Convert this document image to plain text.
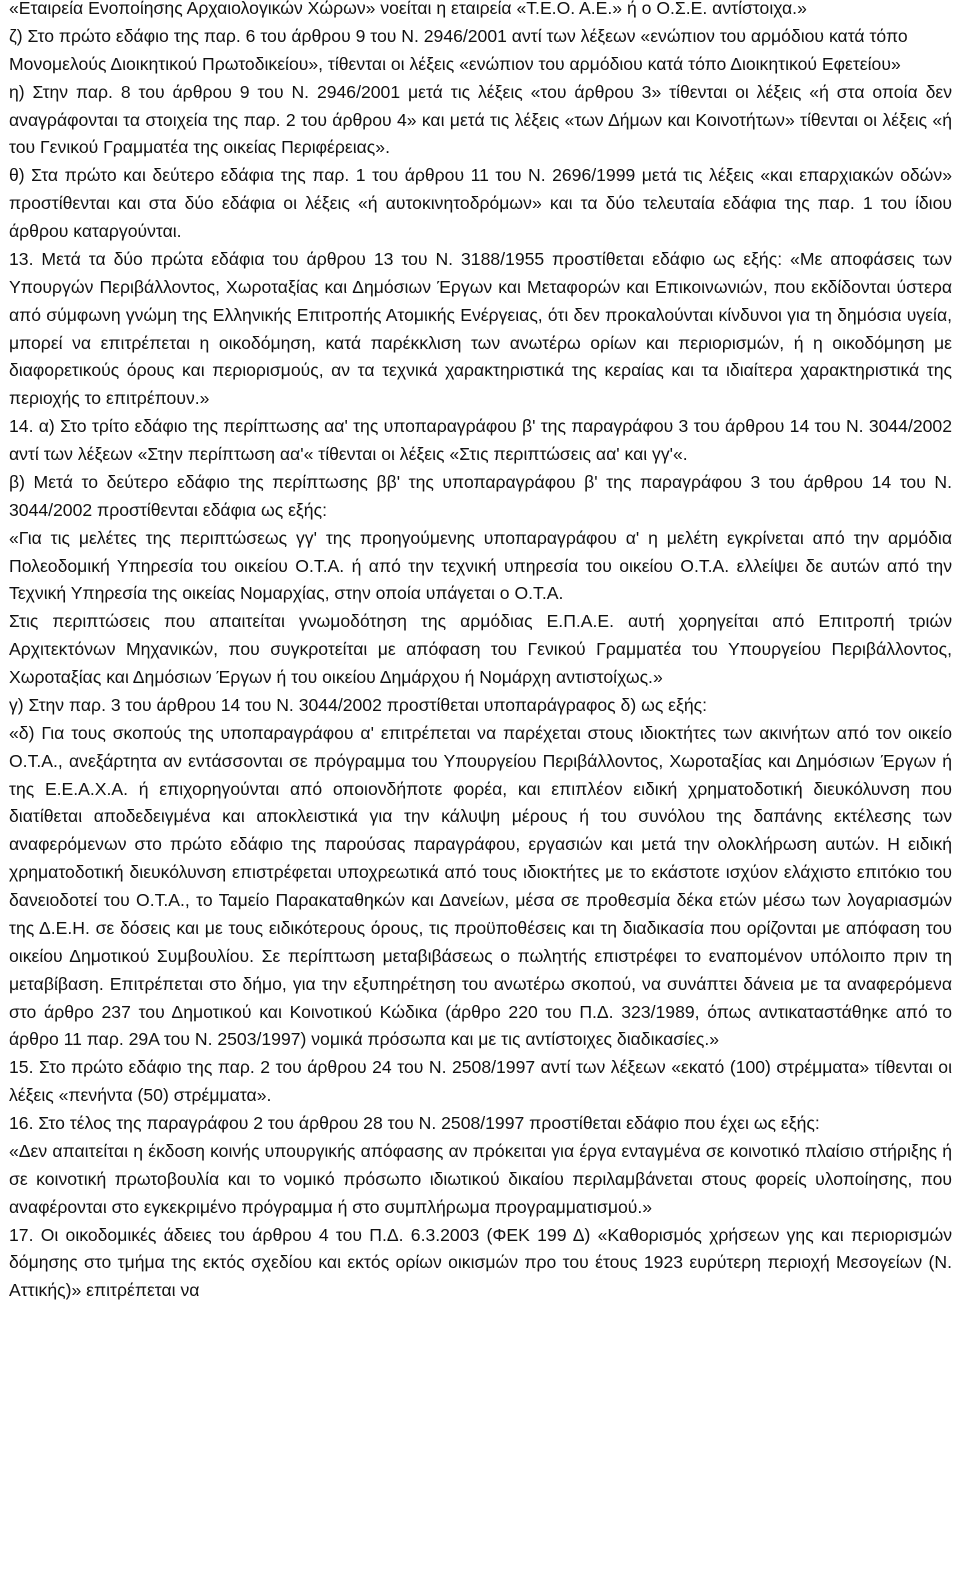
«Εταιρεία Ενοποίησης Αρχαιολογικών Χώρων» νοείται η εταιρεία «Τ.Ε.Ο. Α.Ε.» ή ο Ο.Σ.Ε. αντίστοιχα.»

ζ) Στο πρώτο εδάφιο της παρ. 6 του άρθρου 9 του Ν. 2946/2001 αντί των λέξεων «ενώπιον του αρμόδιου κατά τόπο Μονομελούς Διοικητικού Πρωτοδικείου», τίθενται οι λέξεις «ενώπιον του αρμόδιου κατά τόπο Διοικητικού Εφετείου»

η) Στην παρ. 8 του άρθρου 9 του Ν. 2946/2001 μετά τις λέξεις «του άρθρου 3» τίθενται οι λέξεις «ή στα οποία δεν αναγράφονται τα στοιχεία της παρ. 2 του άρθρου 4» και μετά τις λέξεις «των Δήμων και Κοινοτήτων» τίθενται οι λέξεις «ή του Γενικού Γραμματέα της οικείας Περιφέρειας».

θ) Στα πρώτο και δεύτερο εδάφια της παρ. 1 του άρθρου 11 του Ν. 2696/1999 μετά τις λέξεις «και επαρχιακών οδών» προστίθενται και στα δύο εδάφια οι λέξεις «ή αυτοκινητοδρόμων» και τα δύο τελευταία εδάφια της παρ. 1 του ίδιου άρθρου καταργούνται.

13. Μετά τα δύο πρώτα εδάφια του άρθρου 13 του Ν. 3188/1955 προστίθεται εδάφιο ως εξής: «Με αποφάσεις των Υπουργών Περιβάλλοντος, Χωροταξίας και Δημόσιων Έργων και Μεταφορών και Επικοινωνιών, που εκδίδονται ύστερα από σύμφωνη γνώμη της Ελληνικής Επιτροπής Ατομικής Ενέργειας, ότι δεν προκαλούνται κίνδυνοι για τη δημόσια υγεία, μπορεί να επιτρέπεται η οικοδόμηση, κατά παρέκκλιση των ανωτέρω ορίων και περιορισμών, ή η οικοδόμηση με διαφορετικούς όρους και περιορισμούς, αν τα τεχνικά χαρακτηριστικά της κεραίας και τα ιδιαίτερα χαρακτηριστικά της περιοχής το επιτρέπουν.»

14. α) Στο τρίτο εδάφιο της περίπτωσης αα' της υποπαραγράφου β' της παραγράφου 3 του άρθρου 14 του Ν. 3044/2002 αντί των λέξεων «Στην περίπτωση αα'« τίθενται οι λέξεις «Στις περιπτώσεις αα' και γγ'«.

β) Μετά το δεύτερο εδάφιο της περίπτωσης ββ' της υποπαραγράφου β' της παραγράφου 3 του άρθρου 14 του Ν. 3044/2002 προστίθενται εδάφια ως εξής:

«Για τις μελέτες της περιπτώσεως γγ' της προηγούμενης υποπαραγράφου α' η μελέτη εγκρίνεται από την αρμόδια Πολεοδομική Υπηρεσία του οικείου Ο.Τ.Α. ή από την τεχνική υπηρεσία του οικείου Ο.Τ.Α. ελλείψει δε αυτών από την Τεχνική Υπηρεσία της οικείας Νομαρχίας, στην οποία υπάγεται ο Ο.Τ.Α.

Στις περιπτώσεις που απαιτείται γνωμοδότηση της αρμόδιας Ε.Π.Α.Ε. αυτή χορηγείται από Επιτροπή τριών Αρχιτεκτόνων Μηχανικών, που συγκροτείται με απόφαση του Γενικού Γραμματέα του Υπουργείου Περιβάλλοντος, Χωροταξίας και Δημόσιων Έργων ή του οικείου Δημάρχου ή Νομάρχη αντιστοίχως.»

γ) Στην παρ. 3 του άρθρου 14 του Ν. 3044/2002 προστίθεται υποπαράγραφος δ) ως εξής:

«δ) Για τους σκοπούς της υποπαραγράφου α' επιτρέπεται να παρέχεται στους ιδιοκτήτες των ακινήτων από τον οικείο Ο.Τ.Α., ανεξάρτητα αν εντάσσονται σε πρόγραμμα του Υπουργείου Περιβάλλοντος, Χωροταξίας και Δημόσιων Έργων ή της Ε.Ε.Α.Χ.Α. ή επιχορηγούνται από οποιονδήποτε φορέα, και επιπλέον ειδική χρηματοδοτική διευκόλυνση που διατίθεται αποδεδειγμένα και αποκλειστικά για την κάλυψη μέρους ή του συνόλου της δαπάνης εκτέλεσης των αναφερόμενων στο πρώτο εδάφιο της παρούσας παραγράφου, εργασιών και μετά την ολοκλήρωση αυτών. Η ειδική χρηματοδοτική διευκόλυνση επιστρέφεται υποχρεωτικά από τους ιδιοκτήτες με το εκάστοτε ισχύον ελάχιστο επιτόκιο του δανειοδοτεί του Ο.Τ.Α., το Ταμείο Παρακαταθηκών και Δανείων, μέσα σε προθεσμία δέκα ετών μέσω των λογαριασμών της Δ.Ε.Η. σε δόσεις και με τους ειδικότερους όρους, τις προϋποθέσεις και τη διαδικασία που ορίζονται με απόφαση του οικείου Δημοτικού Συμβουλίου. Σε περίπτωση μεταβιβάσεως ο πωλητής επιστρέφει το εναπομένον υπόλοιπο πριν τη μεταβίβαση. Επιτρέπεται στο δήμο, για την εξυπηρέτηση του ανωτέρω σκοπού, να συνάπτει δάνεια με τα αναφερόμενα στο άρθρο 237 του Δημοτικού και Κοινοτικού Κώδικα (άρθρο 220 του Π.Δ. 323/1989, όπως αντικαταστάθηκε από το άρθρο 11 παρ. 29Α του Ν. 2503/1997) νομικά πρόσωπα και με τις αντίστοιχες διαδικασίες.»

15. Στο πρώτο εδάφιο της παρ. 2 του άρθρου 24 του Ν. 2508/1997 αντί των λέξεων «εκατό (100) στρέμματα» τίθενται οι λέξεις «πενήντα (50) στρέμματα».

16. Στο τέλος της παραγράφου 2 του άρθρου 28 του Ν. 2508/1997 προστίθεται εδάφιο που έχει ως εξής:

«Δεν απαιτείται η έκδοση κοινής υπουργικής απόφασης αν πρόκειται για έργα ενταγμένα σε κοινοτικό πλαίσιο στήριξης ή σε κοινοτική πρωτοβουλία και το νομικό πρόσωπο ιδιωτικού δικαίου περιλαμβάνεται στους φορείς υλοποίησης, που αναφέρονται στο εγκεκριμένο πρόγραμμα ή στο συμπλήρωμα προγραμματισμού.»

17. Οι οικοδομικές άδειες του άρθρου 4 του Π.Δ. 6.3.2003 (ΦΕΚ 199 Δ) «Καθορισμός χρήσεων γης και περιορισμών δόμησης στο τμήμα της εκτός σχεδίου και εκτός ορίων οικισμών προ του έτους 1923 ευρύτερη περιοχή Μεσογείων (Ν. Αττικής)» επιτρέπεται να
